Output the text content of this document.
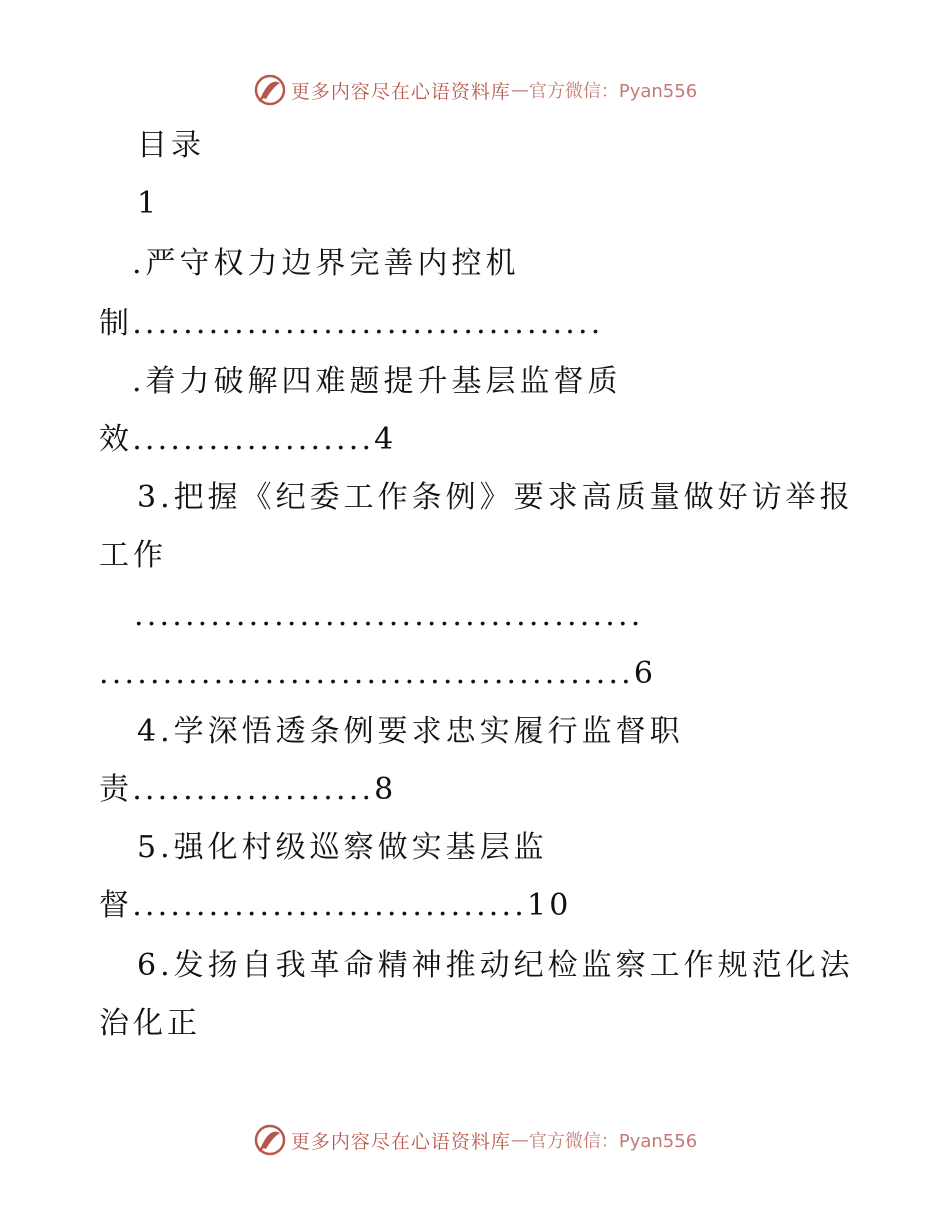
更多内容尽在心语资料库 — 官方微信：Pyan556
目录
1
.严守权力边界完善内控机
制.....................................
.着力破解四难题提升基层监督质
效...................4
3.把握《纪委工作条例》要求高质量做好访举报
工作
........................................
..........................................6
4.学深悟透条例要求忠实履行监督职
责...................8
5.强化村级巡察做实基层监
督...............................10
6.发扬自我革命精神推动纪检监察工作规范化法
治化正
更多内容尽在心语资料库 — 官方微信：Pyan556
